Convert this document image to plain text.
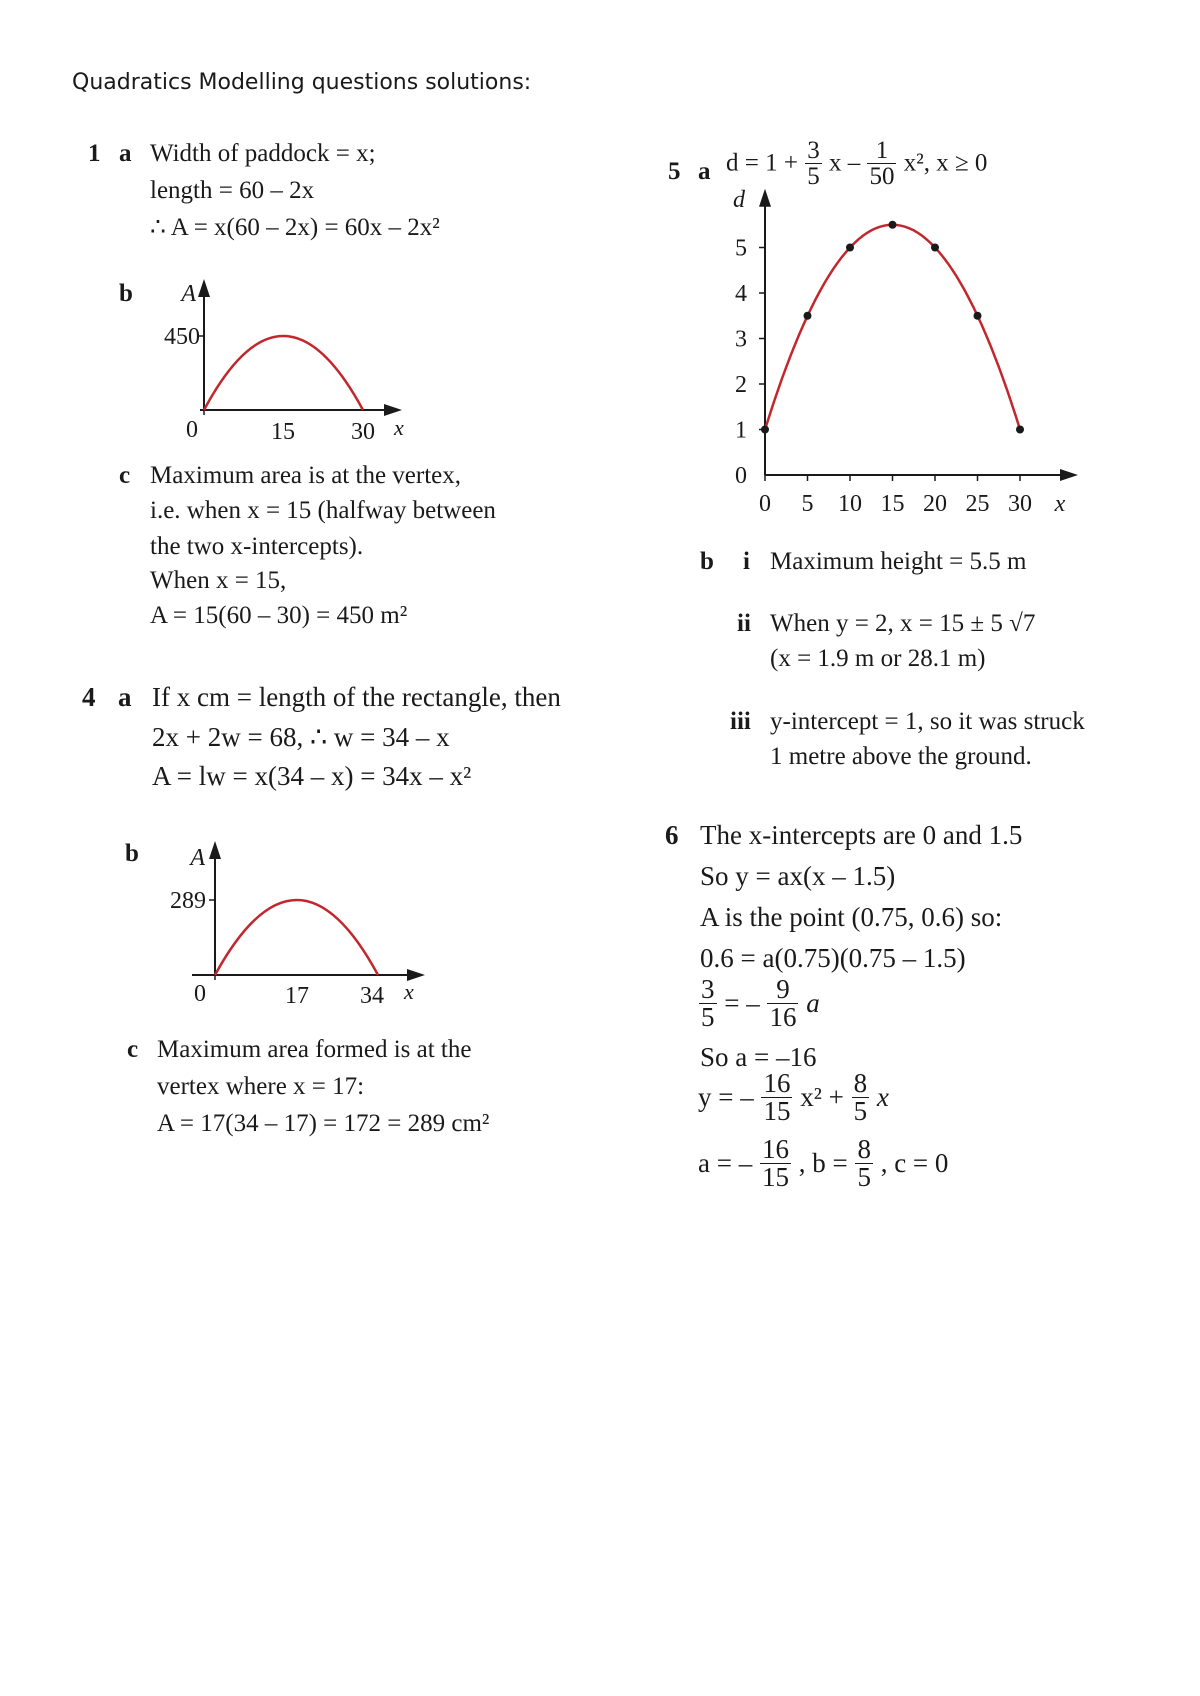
Quadratics Modelling questions solutions:
1 a Width of paddock = x;
length = 60 – 2x
∴ A = x(60 – 2x) = 60x – 2x²
b A
450
0	15 30 x
c Maximum area is at the vertex,
i.e. when x = 15 (halfway between
the two x-intercepts).
When x = 15,
A = 15(60 – 30) = 450 m²
4 a If x cm = length of the rectangle, then
2x + 2w = 68, ∴ w = 34 – x
A = lw = x(34 – x) = 34x – x²
b A
289
0	17 34 x
c Maximum area formed is at the
vertex where x = 17:
A = 17(34 – 17) = 172 = 289 cm²
5 a $d = 1 + \frac{3}{5}$ x – $\frac{1}{50} x^2$, x ≥ 0
0
1
2
3
4
5
0 5 10 15 20 25 30
d
x
b i Maximum height = 5.5 m
ii When y = 2, x = 15 ± 5 √7
(x = 1.9 m or 28.1 m)
iii y-intercept = 1, so it was struck
1 metre above the ground.
6 The x-intercepts are 0 and 1.5
So y = ax(x – 1.5)
A is the point (0.75, 0.6) so:
0.6 = a(0.75)(0.75 – 1.5)
$\frac{3}{5}$ = – $\frac{9}{16}$ a
So a = –16
y = – $\frac{16}{15} x^2 + \frac{8}{5}$ x
a = – $\frac{16}{15}$ , $b = \frac{8}{5}$ , c = 0
